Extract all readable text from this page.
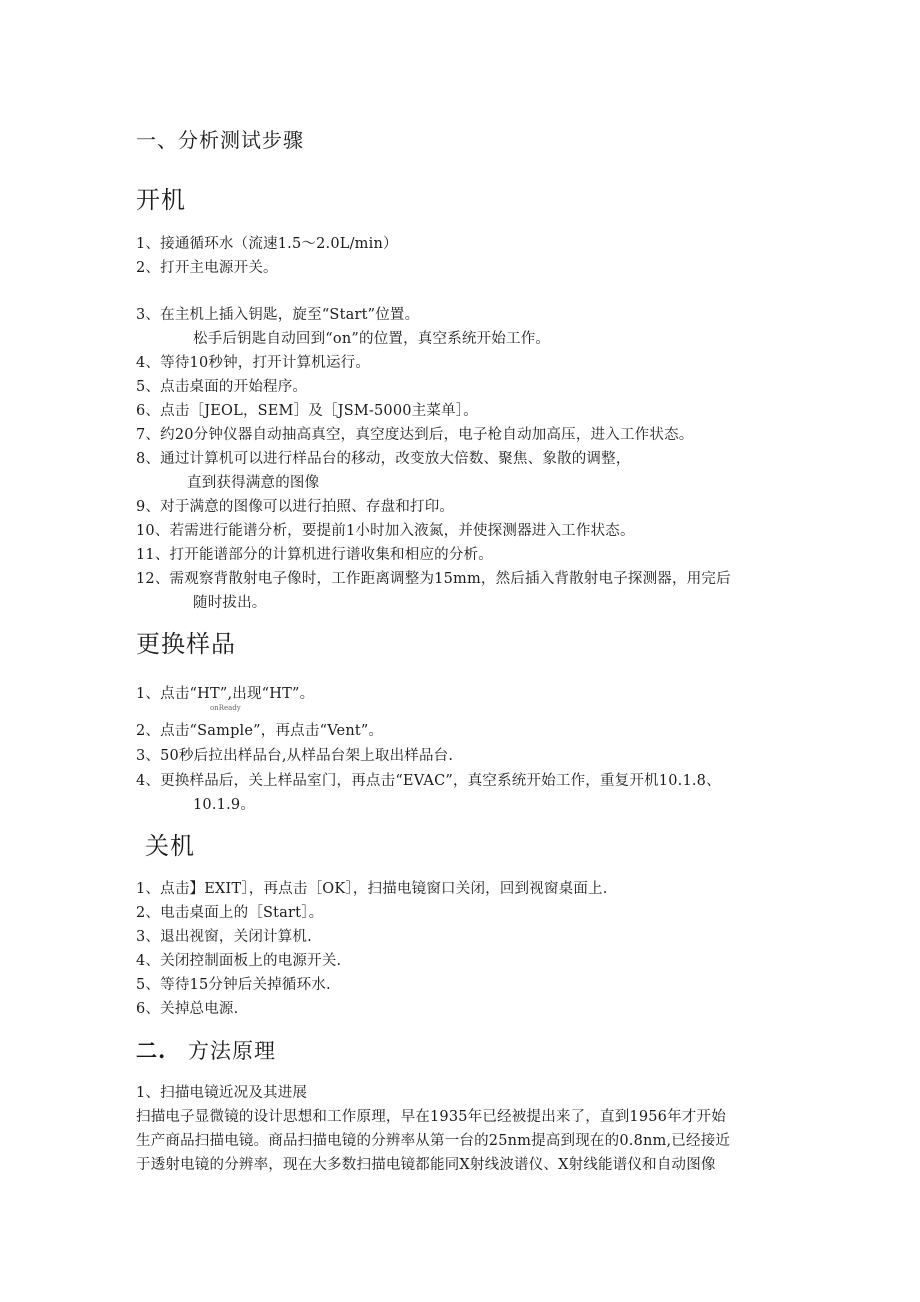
一、分析测试步骤
开机
1、接通循环水（流速1.5～2.0L/min）
2、打开主电源开关。
3、在主机上插入钥匙，旋至“Start”位置。
松手后钥匙自动回到“on”的位置，真空系统开始工作。
4、等待10秒钟，打开计算机运行。
5、点击桌面的开始程序。
6、点击［JEOL，SEM］及［JSM-5000主菜单］。
7、约20分钟仪器自动抽高真空，真空度达到后，电子枪自动加高压，进入工作状态。
8、通过计算机可以进行样品台的移动，改变放大倍数、聚焦、象散的调整，
直到获得满意的图像
9、对于满意的图像可以进行拍照、存盘和打印。
10、若需进行能谱分析，要提前1小时加入液氮，并使探测器进入工作状态。
11、打开能谱部分的计算机进行谱收集和相应的分析。
12、需观察背散射电子像时，工作距离调整为15mm，然后插入背散射电子探测器，用完后
随时拔出。
更换样品
1、点击“HT”,出现“HT”。
onReady
2、点击“Sample”，再点击“Vent”。
3、50秒后拉出样品台,从样品台架上取出样品台.
4、更换样品后，关上样品室门，再点击“EVAC”，真空系统开始工作，重复开机10.1.8、
10.1.9。
关机
1、点击】EXIT］，再点击［OK］，扫描电镜窗口关闭，回到视窗桌面上.
2、电击桌面上的［Start］。
3、退出视窗，关闭计算机.
4、关闭控制面板上的电源开关.
5、等待15分钟后关掉循环水.
6、关掉总电源.
二. 方法原理
1、扫描电镜近况及其进展
扫描电子显微镜的设计思想和工作原理，早在1935年已经被提出来了，直到1956年才开始
生产商品扫描电镜。商品扫描电镜的分辨率从第一台的25nm提高到现在的0.8nm,已经接近
于透射电镜的分辨率，现在大多数扫描电镜都能同X射线波谱仪、X射线能谱仪和自动图像
